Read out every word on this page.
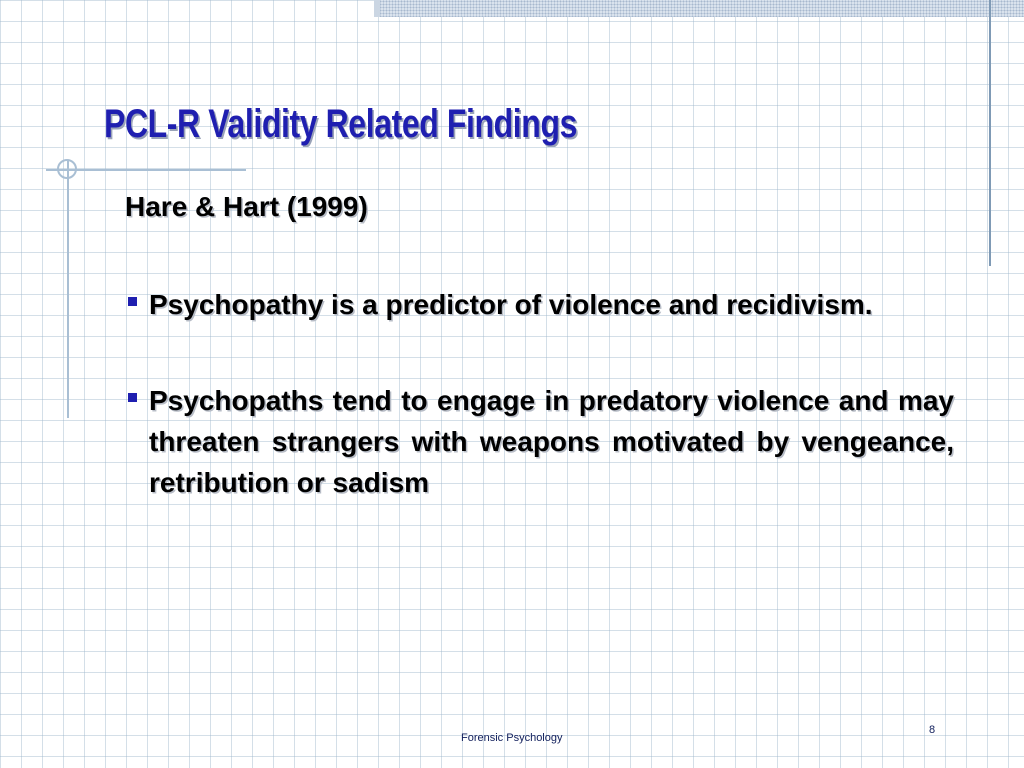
PCL-R Validity Related Findings
Hare & Hart (1999)
Psychopathy is a predictor of violence and recidivism.
Psychopaths tend to engage in predatory violence and may threaten strangers with weapons motivated by vengeance, retribution or sadism
Forensic Psychology
8
